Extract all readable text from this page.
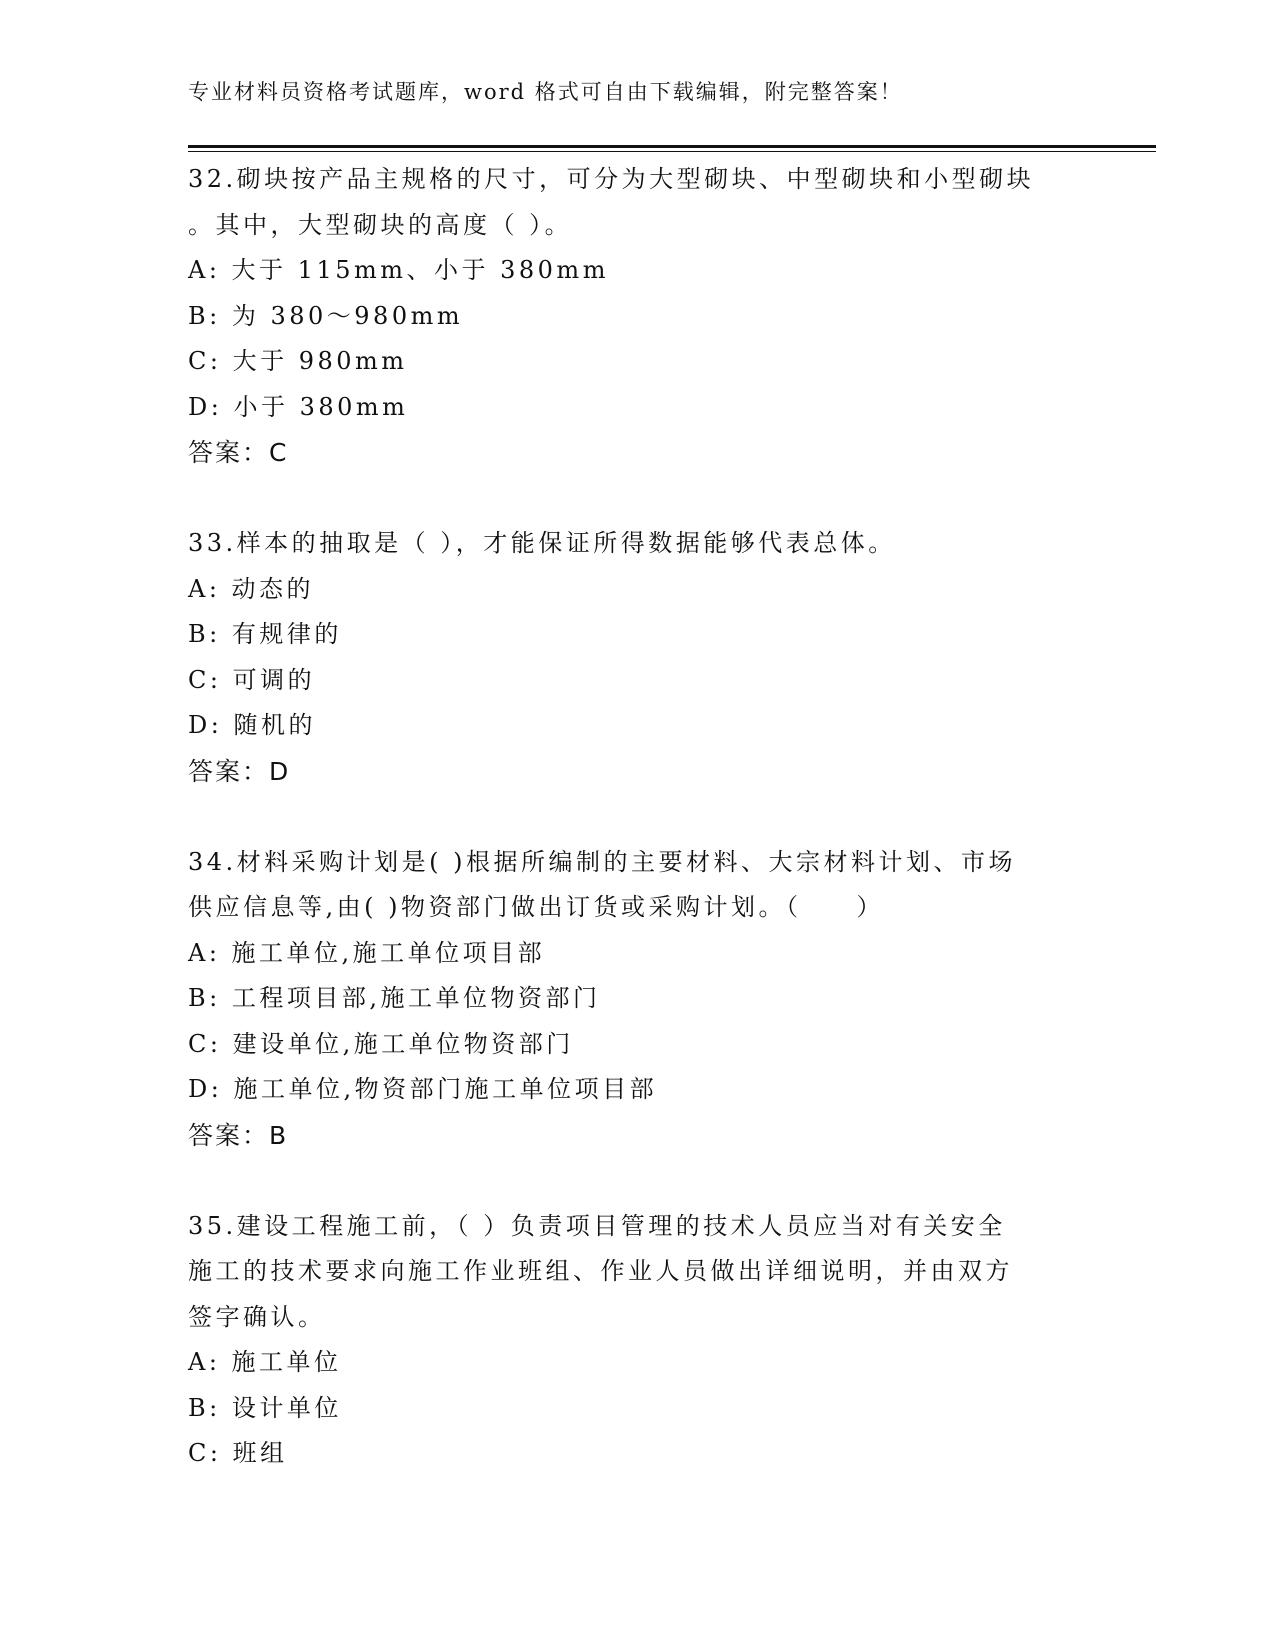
专业材料员资格考试题库，word 格式可自由下载编辑，附完整答案！
32.砌块按产品主规格的尺寸，可分为大型砌块、中型砌块和小型砌块
。其中，大型砌块的高度（ ）。
A: 大于 115mm、小于 380mm
B: 为 380～980mm
C: 大于 980mm
D: 小于 380mm
答案：C
33.样本的抽取是（ ），才能保证所得数据能够代表总体。
A: 动态的
B: 有规律的
C: 可调的
D: 随机的
答案：D
34.材料采购计划是( )根据所编制的主要材料、大宗材料计划、市场
供应信息等,由( )物资部门做出订货或采购计划。（　　）
A: 施工单位,施工单位项目部
B: 工程项目部,施工单位物资部门
C: 建设单位,施工单位物资部门
D: 施工单位,物资部门施工单位项目部
答案：B
35.建设工程施工前，（ ）负责项目管理的技术人员应当对有关安全
施工的技术要求向施工作业班组、作业人员做出详细说明，并由双方
签字确认。
A: 施工单位
B: 设计单位
C: 班组
